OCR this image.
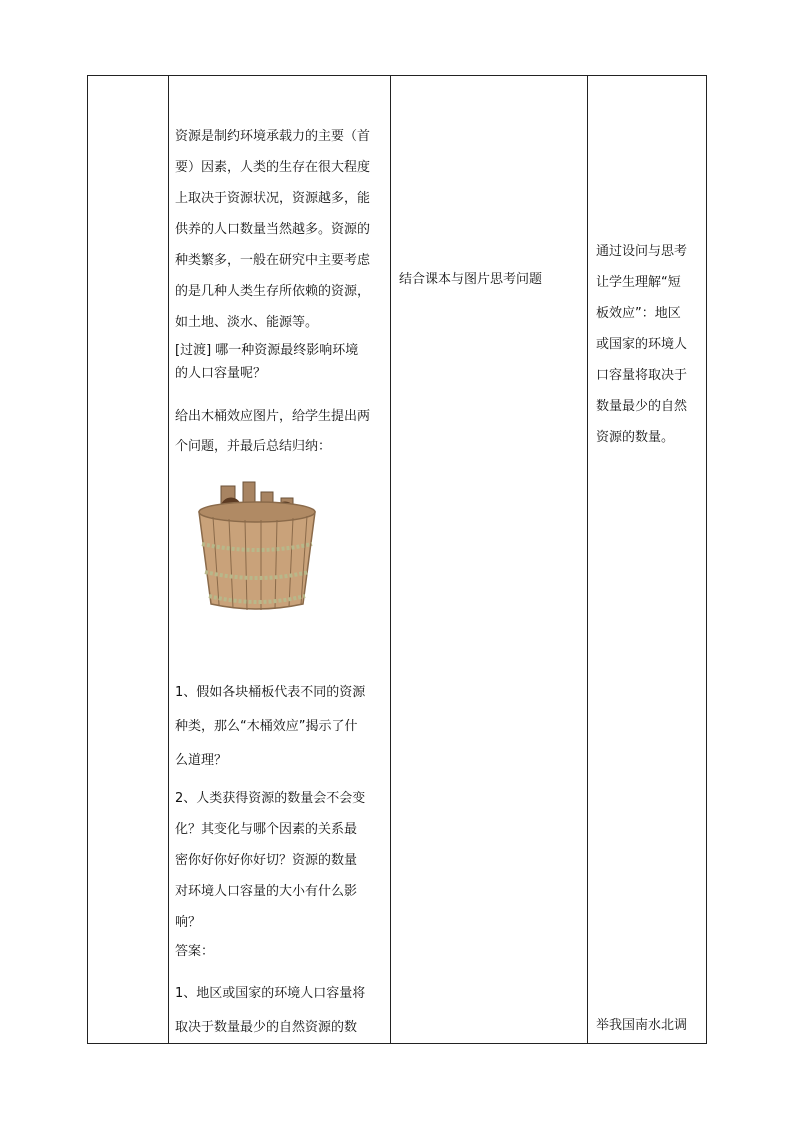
资源是制约环境承载力的主要（首
要）因素，人类的生存在很大程度
上取决于资源状况，资源越多，能
供养的人口数量当然越多。资源的
种类繁多，一般在研究中主要考虑
的是几种人类生存所依赖的资源，
如土地、淡水、能源等。
[过渡] 哪一种资源最终影响环境
的人口容量呢？
给出木桶效应图片，给学生提出两
个问题，并最后总结归纳：
1、假如各块桶板代表不同的资源
种类，那么“木桶效应”揭示了什
么道理？
2、人类获得资源的数量会不会变
化？其变化与哪个因素的关系最
密你好你好你好切？资源的数量
对环境人口容量的大小有什么影
响？
答案：
1、地区或国家的环境人口容量将
取决于数量最少的自然资源的数
结合课本与图片思考问题
通过设问与思考
让学生理解“短
板效应”：地区
或国家的环境人
口容量将取决于
数量最少的自然
资源的数量。
举我国南水北调
